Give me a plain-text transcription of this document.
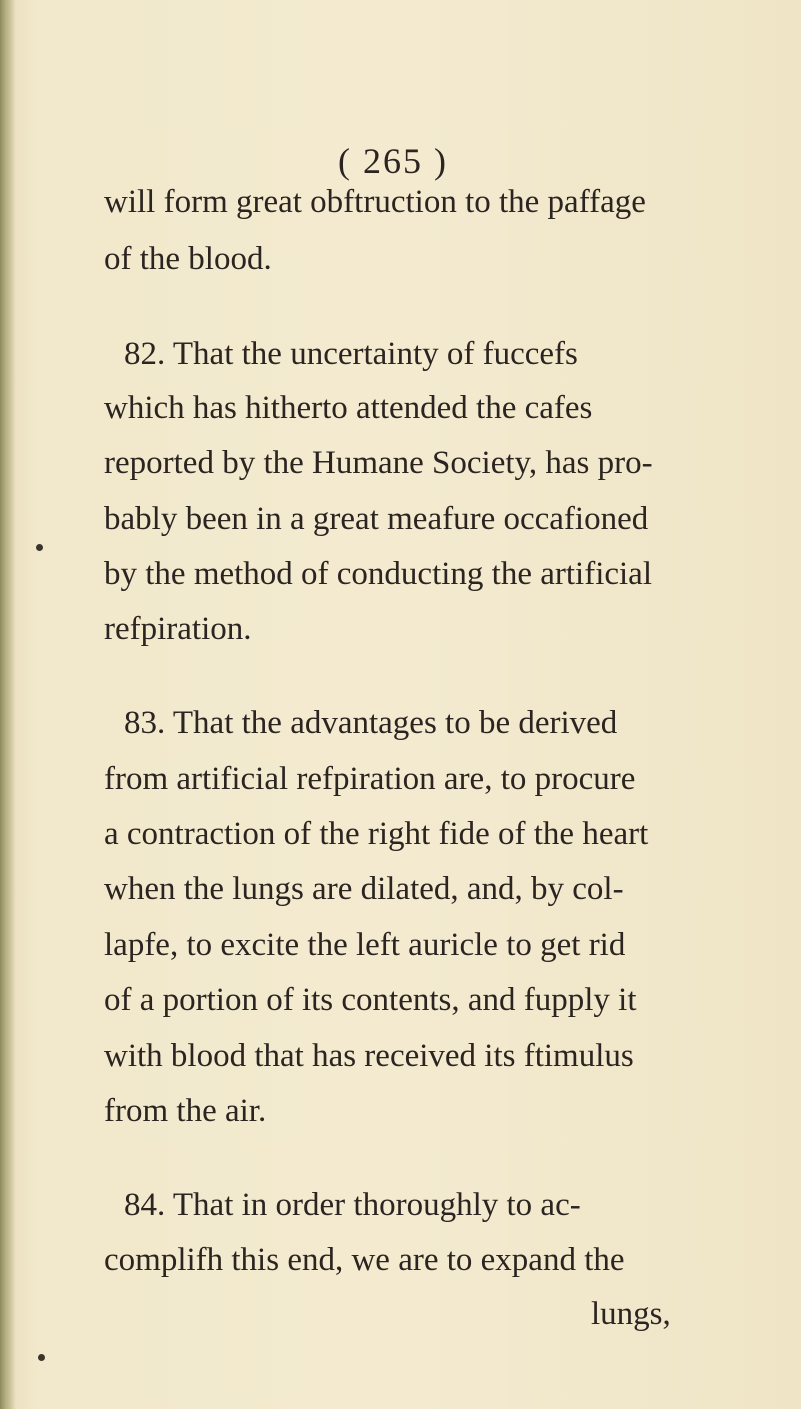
( 265 )
will form great obftruction to the paffage
of the blood.
82. That the uncertainty of fuccefs
which has hitherto attended the cafes
reported by the Humane Society, has pro-
bably been in a great meafure occafioned
by the method of conducting the artificial
refpiration.
83. That the advantages to be derived
from artificial refpiration are, to procure
a contraction of the right fide of the heart
when the lungs are dilated, and, by col-
lapfe, to excite the left auricle to get rid
of a portion of its contents, and fupply it
with blood that has received its ftimulus
from the air.
84. That in order thoroughly to ac-
complifh this end, we are to expand the
lungs,
